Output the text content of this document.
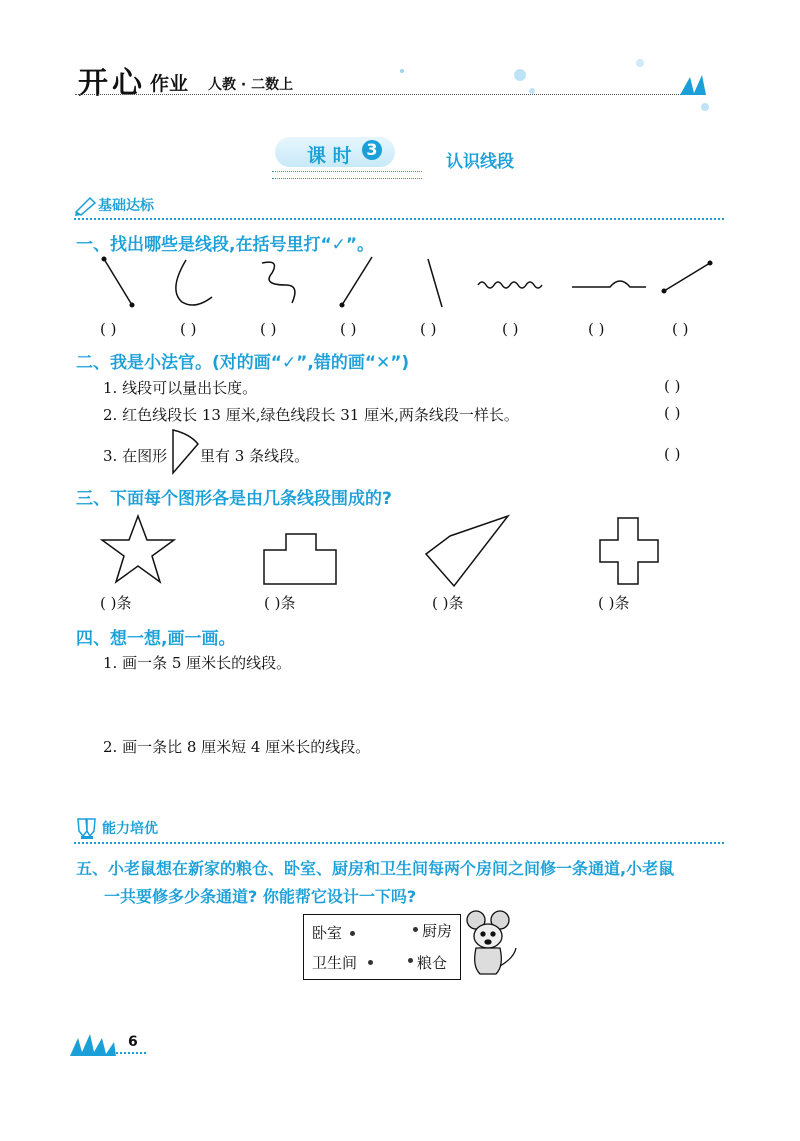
开 心 作业 人教 · 二数上
课 时 3
认识线段
基础达标
一、找出哪些是线段,在括号里打“✓”。
( )	( )	( )	( )	( )	( )	( )	( )
二、我是小法官。(对的画“✓”,错的画“✕”)
1. 线段可以量出长度。	( )
2. 红色线段长 13 厘米,绿色线段长 31 厘米,两条线段一样长。	( )
3. 在图形 里有 3 条线段。	( )
三、下面每个图形各是由几条线段围成的?
( )条	( )条	( )条	( )条
四、想一想,画一画。
1. 画一条 5 厘米长的线段。
2. 画一条比 8 厘米短 4 厘米长的线段。
能力培优
五、小老鼠想在新家的粮仓、卧室、厨房和卫生间每两个房间之间修一条通道,小老鼠
一共要修多少条通道? 你能帮它设计一下吗?
卧室	厨房
卫生间	粮仓
6
